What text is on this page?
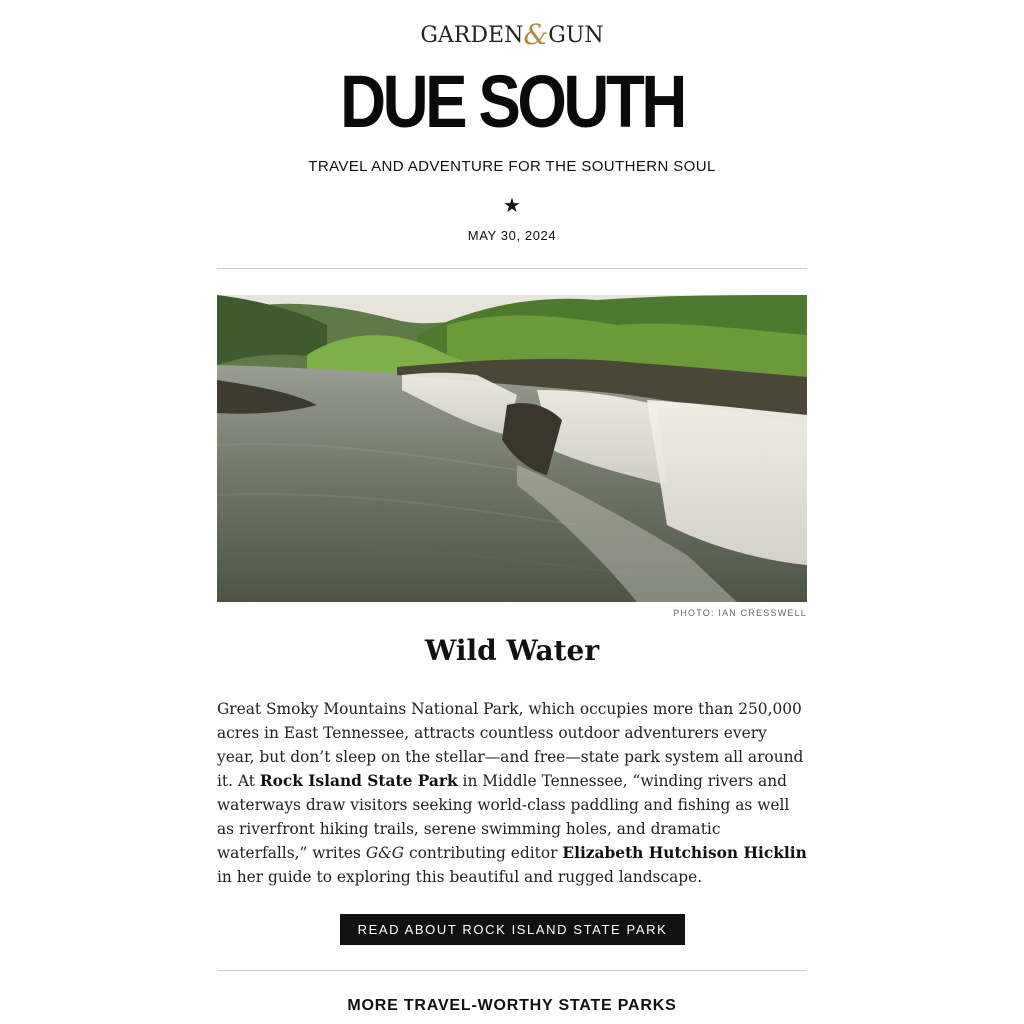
GARDEN&GUN
DUE SOUTH
TRAVEL AND ADVENTURE FOR THE SOUTHERN SOUL
★
MAY 30, 2024
PHOTO: IAN CRESSWELL
Wild Water
Great Smoky Mountains National Park, which occupies more than 250,000 acres in East Tennessee, attracts countless outdoor adventurers every year, but don’t sleep on the stellar—and free—state park system all around it. At Rock Island State Park in Middle Tennessee, “winding rivers and waterways draw visitors seeking world-class paddling and fishing as well as riverfront hiking trails, serene swimming holes, and dramatic waterfalls,” writes G&G contributing editor Elizabeth Hutchison Hicklin in her guide to exploring this beautiful and rugged landscape.
READ ABOUT ROCK ISLAND STATE PARK
MORE TRAVEL-WORTHY STATE PARKS
